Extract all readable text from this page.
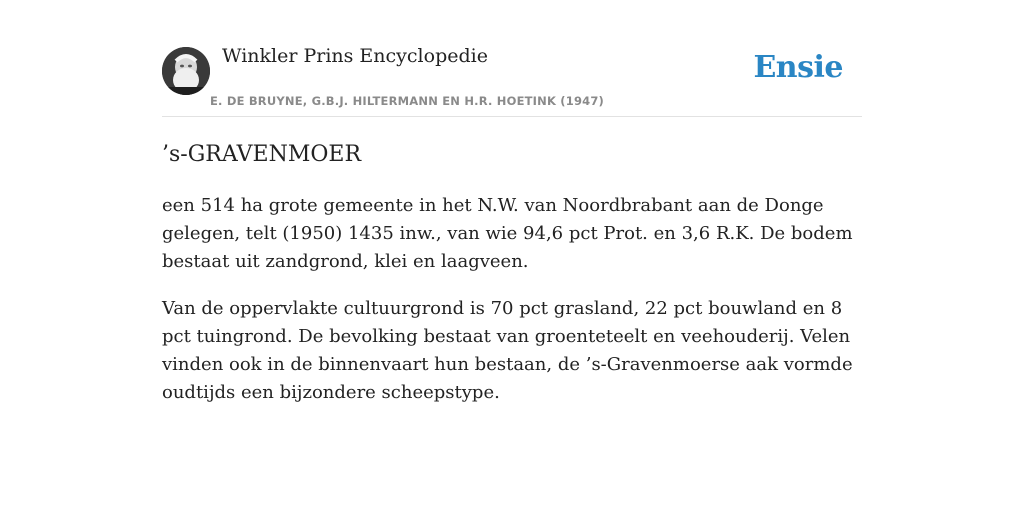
Winkler Prins Encyclopedie
E. DE BRUYNE, G.B.J. HILTERMANN EN H.R. HOETINK (1947)
Ensie
’s-GRAVENMOER

een 514 ha grote gemeente in het N.W. van Noordbrabant aan de Donge gelegen, telt (1950) 1435 inw., van wie 94,6 pct Prot. en 3,6 R.K. De bodem bestaat uit zandgrond, klei en laagveen.

Van de oppervlakte cultuurgrond is 70 pct grasland, 22 pct bouwland en 8 pct tuingrond. De bevolking bestaat van groenteteelt en veehouderij. Velen vinden ook in de binnenvaart hun bestaan, de ’s-Gravenmoerse aak vormde oudtijds een bijzondere scheepstype.
